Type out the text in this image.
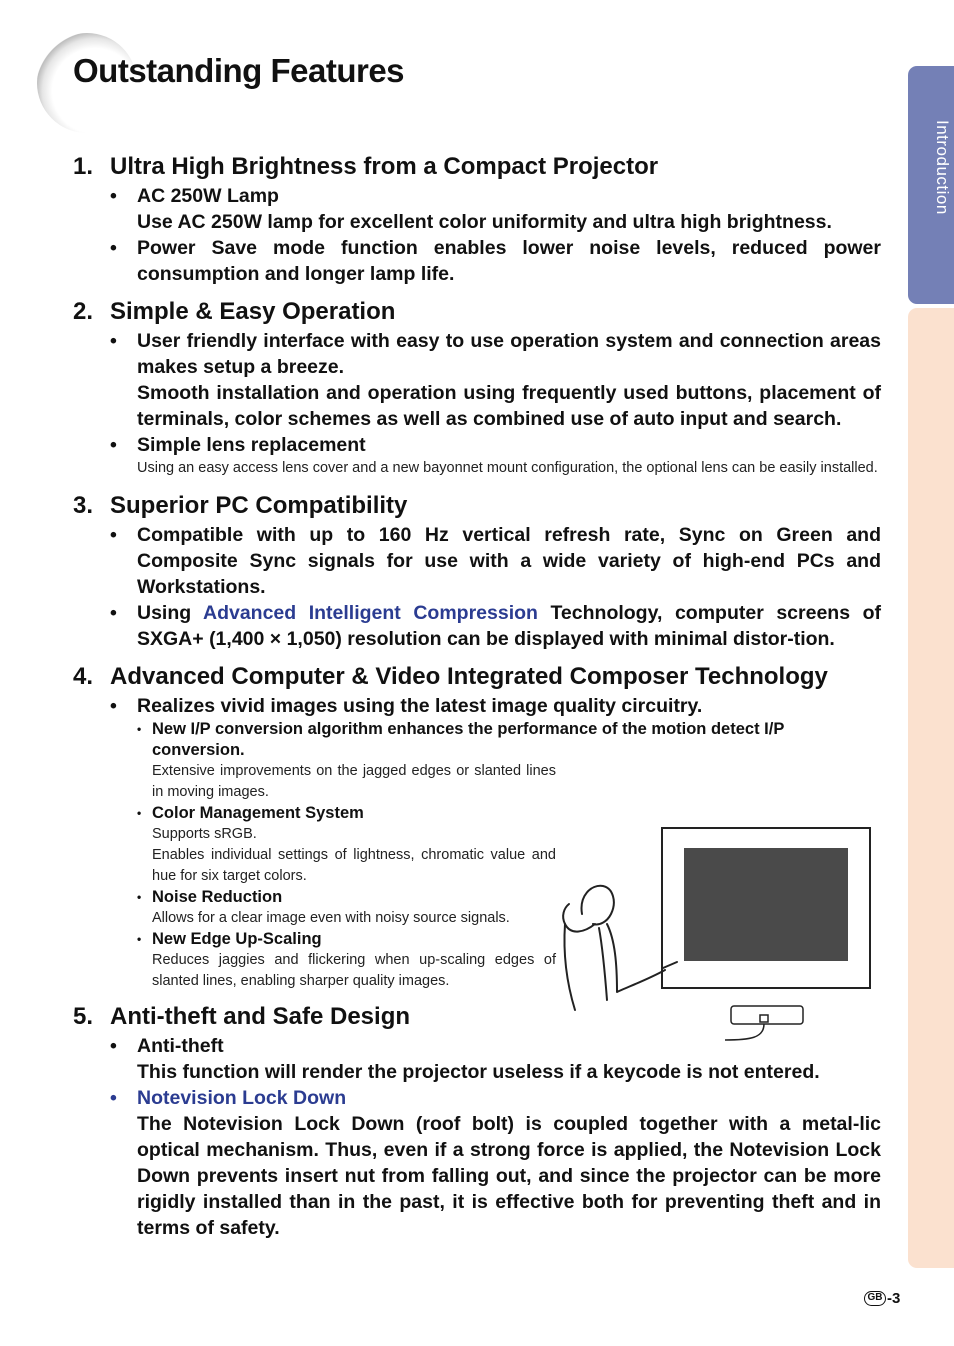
Outstanding Features
Introduction
1. Ultra High Brightness from a Compact Projector
• AC 250W Lamp
Use AC 250W lamp for excellent color uniformity and ultra high brightness.
• Power Save mode function enables lower noise levels, reduced power consumption and longer lamp life.
2. Simple & Easy Operation
• User friendly interface with easy to use operation system and connection areas makes setup a breeze.
Smooth installation and operation using frequently used buttons, placement of terminals, color schemes as well as combined use of auto input and search.
• Simple lens replacement
Using an easy access lens cover and a new bayonnet mount configuration, the optional lens can be easily installed.
3. Superior PC Compatibility
• Compatible with up to 160 Hz vertical refresh rate, Sync on Green and Composite Sync signals for use with a wide variety of high-end PCs and Workstations.
• Using Advanced Intelligent Compression Technology, computer screens of SXGA+ (1,400 × 1,050) resolution can be displayed with minimal distor-tion.
4. Advanced Computer & Video Integrated Composer Technology
• Realizes vivid images using the latest image quality circuitry.
• New I/P conversion algorithm enhances the performance of the motion detect I/P conversion.
Extensive improvements on the jagged edges or slanted lines in moving images.
• Color Management System
Supports sRGB.
Enables individual settings of lightness, chromatic value and hue for six target colors.
• Noise Reduction
Allows for a clear image even with noisy source signals.
• New Edge Up-Scaling
Reduces jaggies and flickering when up-scaling edges of slanted lines, enabling sharper quality images.
5. Anti-theft and Safe Design
• Anti-theft
This function will render the projector useless if a keycode is not entered.
• Notevision Lock Down
The Notevision Lock Down (roof bolt) is coupled together with a metal-lic optical mechanism. Thus, even if a strong force is applied, the Notevision Lock Down prevents insert nut from falling out, and since the projector can be more rigidly installed than in the past, it is effective both for preventing theft and in terms of safety.
GB -3
